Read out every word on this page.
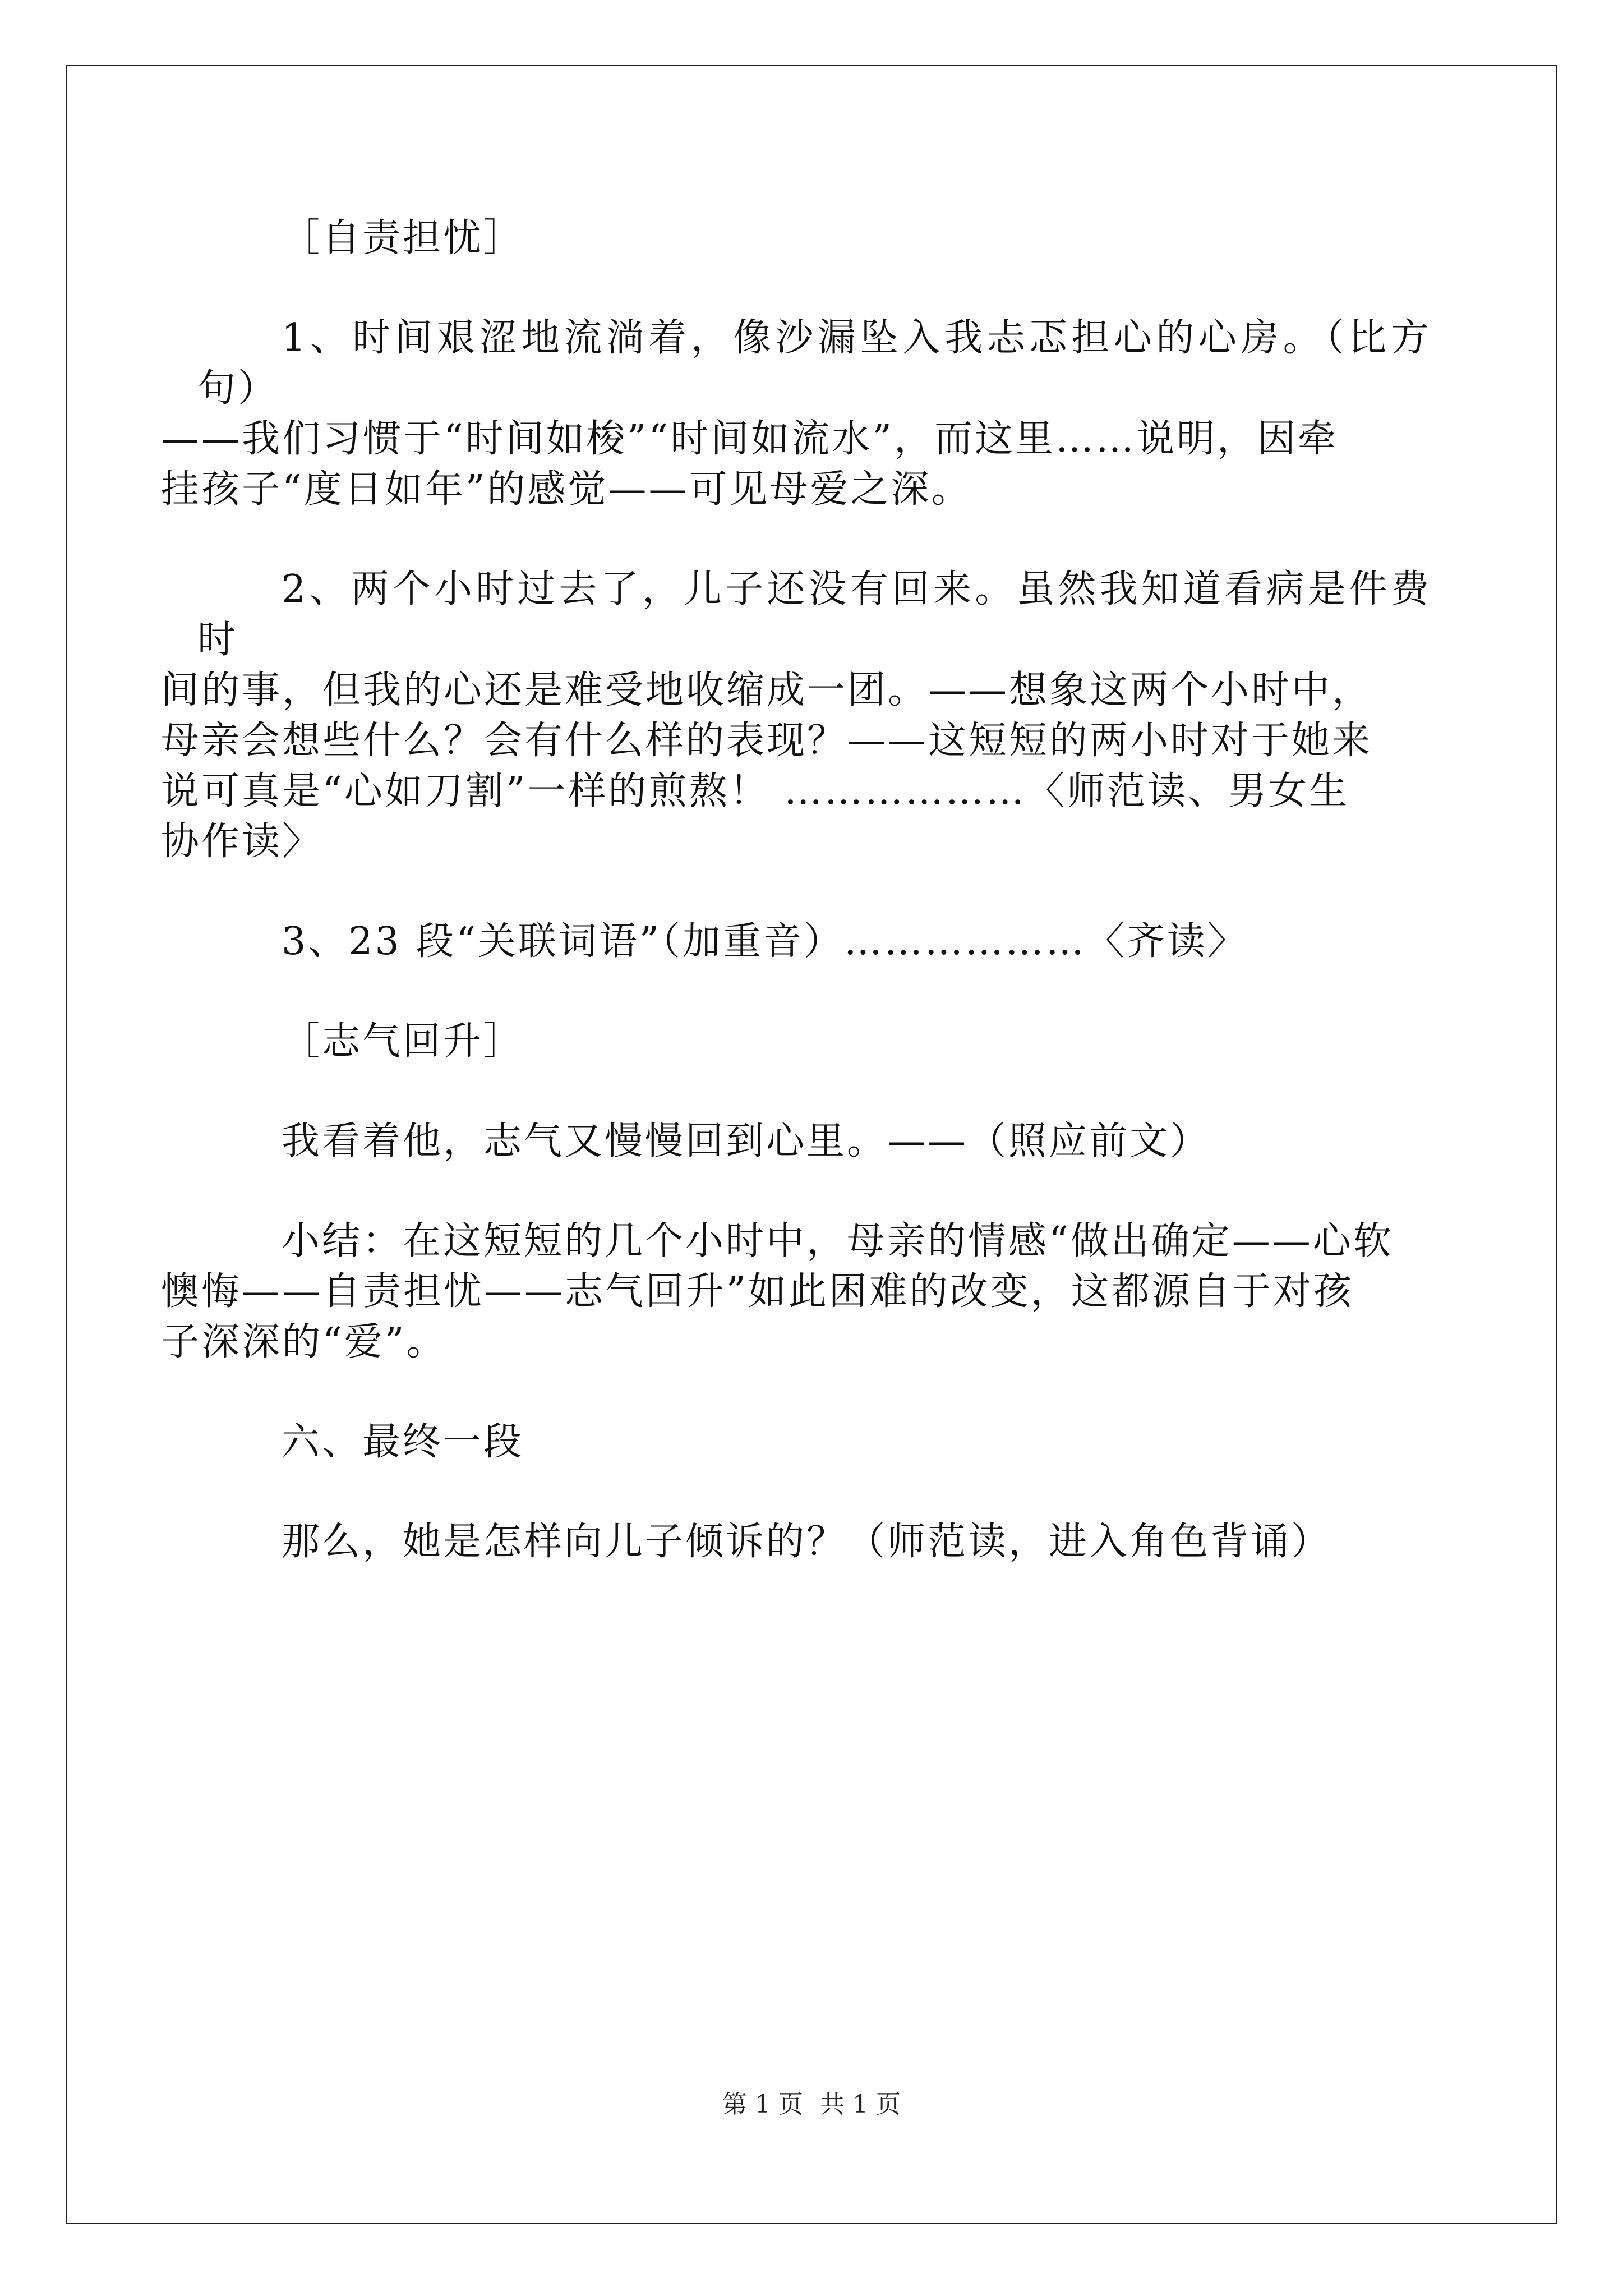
［自责担忧］

1、时间艰涩地流淌着，像沙漏坠入我忐忑担心的心房。（比方句）
——我们习惯于“时间如梭”“时间如流水”，而这里……说明，因牵
挂孩子“度日如年”的感觉——可见母爱之深。

2、两个小时过去了，儿子还没有回来。虽然我知道看病是件费时
间的事，但我的心还是难受地收缩成一团。——想象这两个小时中，
母亲会想些什么？会有什么样的表现？——这短短的两小时对于她来
说可真是“心如刀割”一样的煎熬！ ………………〈师范读、男女生
协作读〉

3、23 段“关联词语”（加重音）………………〈齐读〉

［志气回升］

我看着他，志气又慢慢回到心里。——（照应前文）

小结：在这短短的几个小时中，母亲的情感“做出确定——心软
懊悔——自责担忧——志气回升”如此困难的改变，这都源自于对孩
子深深的“爱”。

六、最终一段

那么，她是怎样向儿子倾诉的？（师范读，进入角色背诵）

第 1 页 共 1 页
